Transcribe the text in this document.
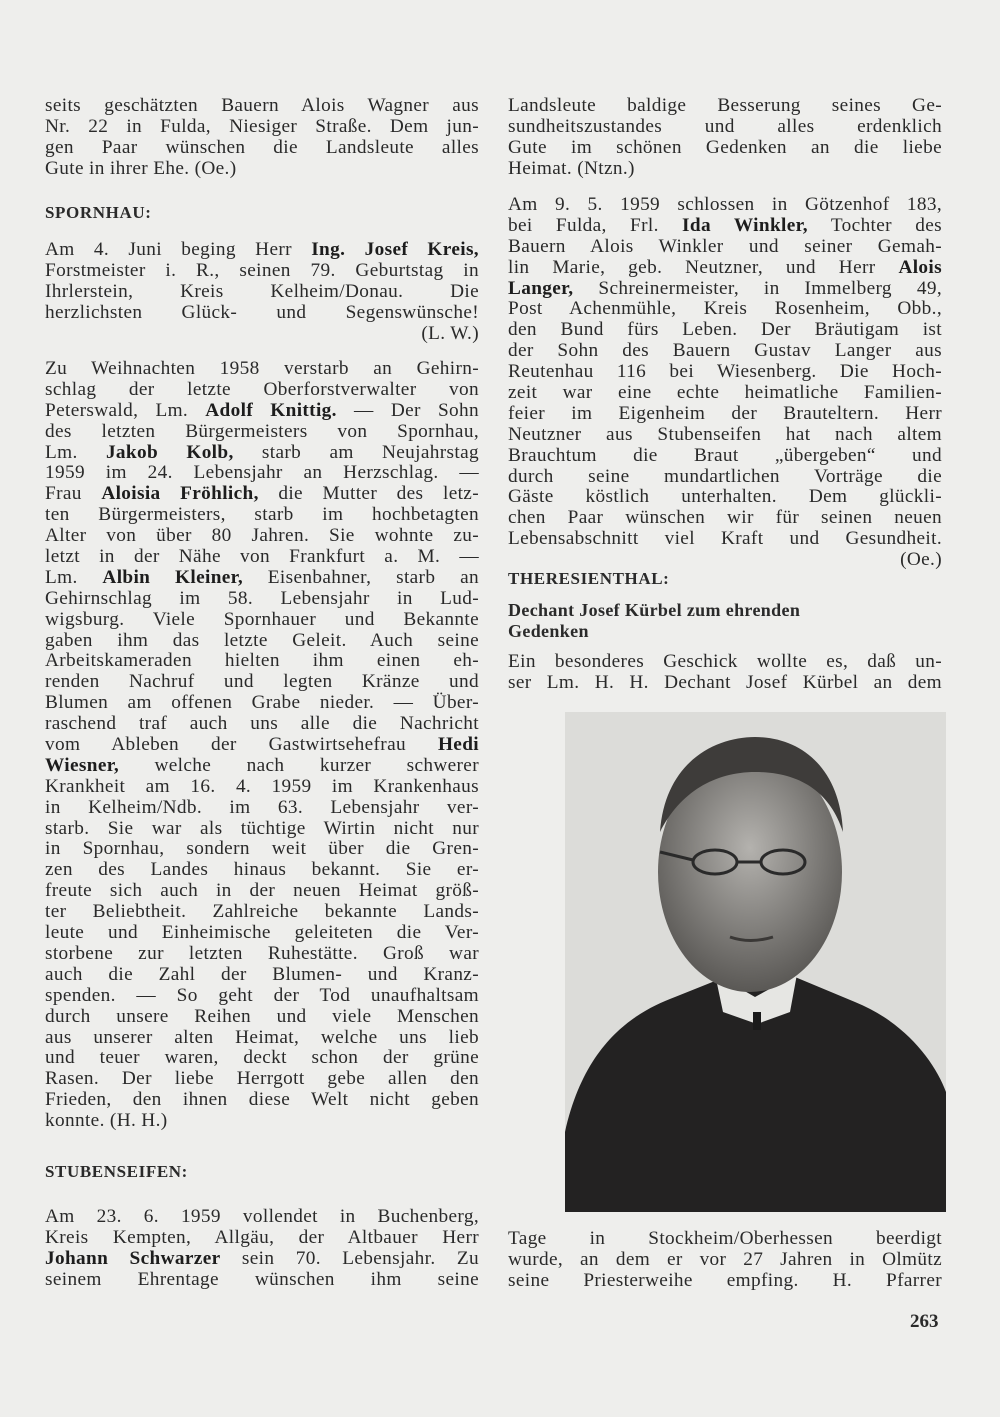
seits geschätzten Bauern Alois Wagner aus
Nr. 22 in Fulda, Niesiger Straße. Dem jun-
gen Paar wünschen die Landsleute alles
Gute in ihrer Ehe. (Oe.)
SPORNHAU:
Am 4. Juni beging Herr Ing. Josef Kreis,
Forstmeister i. R., seinen 79. Geburtstag in
Ihrlerstein, Kreis Kelheim/Donau. Die
herzlichsten Glück- und Segenswünsche!
(L. W.)
Zu Weihnachten 1958 verstarb an Gehirn-
schlag der letzte Oberforstverwalter von
Peterswald, Lm. Adolf Knittig. — Der Sohn
des letzten Bürgermeisters von Spornhau,
Lm. Jakob Kolb, starb am Neujahrstag
1959 im 24. Lebensjahr an Herzschlag. —
Frau Aloisia Fröhlich, die Mutter des letz-
ten Bürgermeisters, starb im hochbetagten
Alter von über 80 Jahren. Sie wohnte zu-
letzt in der Nähe von Frankfurt a. M. —
Lm. Albin Kleiner, Eisenbahner, starb an
Gehirnschlag im 58. Lebensjahr in Lud-
wigsburg. Viele Spornhauer und Bekannte
gaben ihm das letzte Geleit. Auch seine
Arbeitskameraden hielten ihm einen eh-
renden Nachruf und legten Kränze und
Blumen am offenen Grabe nieder. — Über-
raschend traf auch uns alle die Nachricht
vom Ableben der Gastwirtsehefrau Hedi
Wiesner, welche nach kurzer schwerer
Krankheit am 16. 4. 1959 im Krankenhaus
in Kelheim/Ndb. im 63. Lebensjahr ver-
starb. Sie war als tüchtige Wirtin nicht nur
in Spornhau, sondern weit über die Gren-
zen des Landes hinaus bekannt. Sie er-
freute sich auch in der neuen Heimat größ-
ter Beliebtheit. Zahlreiche bekannte Lands-
leute und Einheimische geleiteten die Ver-
storbene zur letzten Ruhestätte. Groß war
auch die Zahl der Blumen- und Kranz-
spenden. — So geht der Tod unaufhaltsam
durch unsere Reihen und viele Menschen
aus unserer alten Heimat, welche uns lieb
und teuer waren, deckt schon der grüne
Rasen. Der liebe Herrgott gebe allen den
Frieden, den ihnen diese Welt nicht geben
konnte. (H. H.)
STUBENSEIFEN:
Am 23. 6. 1959 vollendet in Buchenberg,
Kreis Kempten, Allgäu, der Altbauer Herr
Johann Schwarzer sein 70. Lebensjahr. Zu
seinem Ehrentage wünschen ihm seine
Landsleute baldige Besserung seines Ge-
sundheitszustandes und alles erdenklich
Gute im schönen Gedenken an die liebe
Heimat. (Ntzn.)
Am 9. 5. 1959 schlossen in Götzenhof 183,
bei Fulda, Frl. Ida Winkler, Tochter des
Bauern Alois Winkler und seiner Gemah-
lin Marie, geb. Neutzner, und Herr Alois
Langer, Schreinermeister, in Immelberg 49,
Post Achenmühle, Kreis Rosenheim, Obb.,
den Bund fürs Leben. Der Bräutigam ist
der Sohn des Bauern Gustav Langer aus
Reutenhau 116 bei Wiesenberg. Die Hoch-
zeit war eine echte heimatliche Familien-
feier im Eigenheim der Brauteltern. Herr
Neutzner aus Stubenseifen hat nach altem
Brauchtum die Braut „übergeben“ und
durch seine mundartlichen Vorträge die
Gäste köstlich unterhalten. Dem glückli-
chen Paar wünschen wir für seinen neuen
Lebensabschnitt viel Kraft und Gesundheit.
(Oe.)
THERESIENTHAL:
Dechant Josef Kürbel zum ehrenden
Gedenken
Ein besonderes Geschick wollte es, daß un-
ser Lm. H. H. Dechant Josef Kürbel an dem
Tage in Stockheim/Oberhessen beerdigt
wurde, an dem er vor 27 Jahren in Olmütz
seine Priesterweihe empfing. H. Pfarrer
263
